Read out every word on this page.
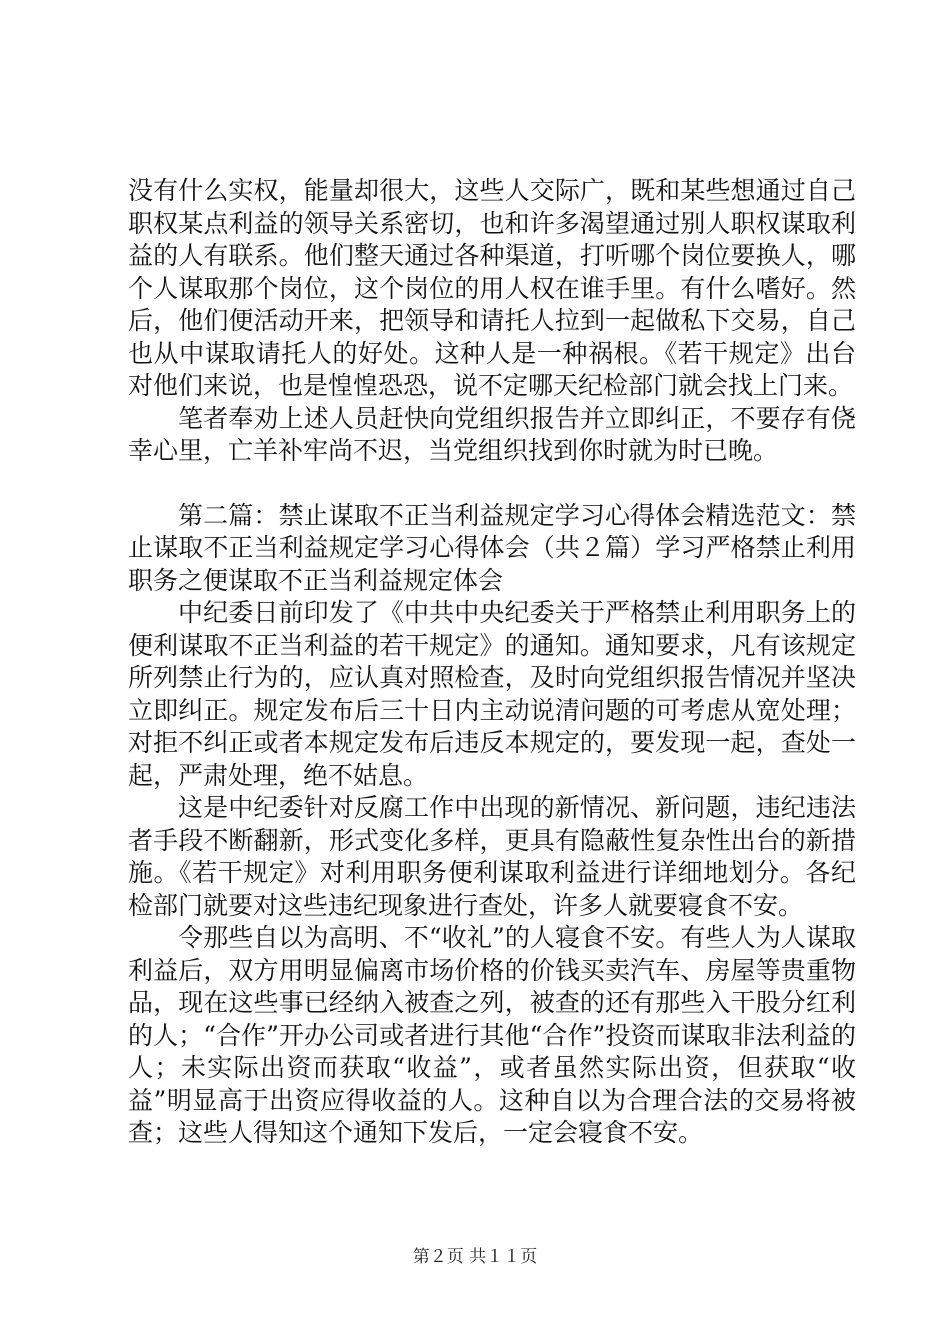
没有什么实权，能量却很大，这些人交际广，既和某些想通过自己职权某点利益的领导关系密切，也和许多渴望通过别人职权谋取利益的人有联系。他们整天通过各种渠道，打听哪个岗位要换人，哪个人谋取那个岗位，这个岗位的用人权在谁手里。有什么嗜好。然后，他们便活动开来，把领导和请托人拉到一起做私下交易，自己也从中谋取请托人的好处。这种人是一种祸根。《若干规定》出台对他们来说，也是惶惶恐恐，说不定哪天纪检部门就会找上门来。

笔者奉劝上述人员赶快向党组织报告并立即纠正，不要存有侥幸心里，亡羊补牢尚不迟，当党组织找到你时就为时已晚。

第二篇：禁止谋取不正当利益规定学习心得体会精选范文：禁止谋取不正当利益规定学习心得体会（共２篇）学习严格禁止利用职务之便谋取不正当利益规定体会

中纪委日前印发了《中共中央纪委关于严格禁止利用职务上的便利谋取不正当利益的若干规定》的通知。通知要求，凡有该规定所列禁止行为的，应认真对照检查，及时向党组织报告情况并坚决立即纠正。规定发布后三十日内主动说清问题的可考虑从宽处理；对拒不纠正或者本规定发布后违反本规定的，要发现一起，查处一起，严肃处理，绝不姑息。

这是中纪委针对反腐工作中出现的新情况、新问题，违纪违法者手段不断翻新，形式变化多样，更具有隐蔽性复杂性出台的新措施。《若干规定》对利用职务便利谋取利益进行详细地划分。各纪检部门就要对这些违纪现象进行查处，许多人就要寝食不安。

令那些自以为高明、不“收礼”的人寝食不安。有些人为人谋取利益后，双方用明显偏离市场价格的价钱买卖汽车、房屋等贵重物品，现在这些事已经纳入被查之列，被查的还有那些入干股分红利的人；“合作”开办公司或者进行其他“合作”投资而谋取非法利益的人；未实际出资而获取“收益”，或者虽然实际出资，但获取“收益”明显高于出资应得收益的人。这种自以为合理合法的交易将被查；这些人得知这个通知下发后，一定会寝食不安。

第２页 共１１页
